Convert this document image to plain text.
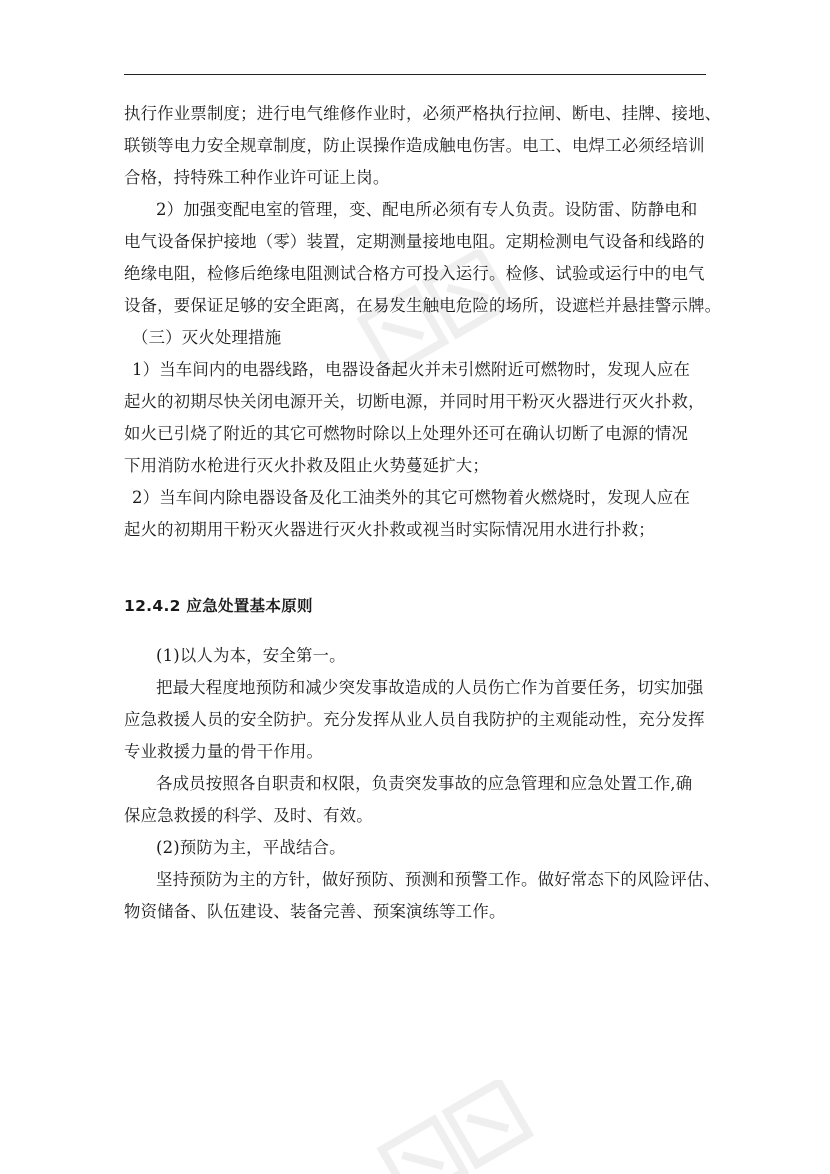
执行作业票制度；进行电气维修作业时，必须严格执行拉闸、断电、挂牌、接地、
联锁等电力安全规章制度，防止误操作造成触电伤害。电工、电焊工必须经培训
合格，持特殊工种作业许可证上岗。
2）加强变配电室的管理，变、配电所必须有专人负责。设防雷、防静电和
电气设备保护接地（零）装置，定期测量接地电阻。定期检测电气设备和线路的
绝缘电阻，检修后绝缘电阻测试合格方可投入运行。检修、试验或运行中的电气
设备，要保证足够的安全距离，在易发生触电危险的场所，设遮栏并悬挂警示牌。
（三）灭火处理措施
1）当车间内的电器线路，电器设备起火并未引燃附近可燃物时，发现人应在
起火的初期尽快关闭电源开关，切断电源，并同时用干粉灭火器进行灭火扑救，
如火已引烧了附近的其它可燃物时除以上处理外还可在确认切断了电源的情况
下用消防水枪进行灭火扑救及阻止火势蔓延扩大；
2）当车间内除电器设备及化工油类外的其它可燃物着火燃烧时，发现人应在
起火的初期用干粉灭火器进行灭火扑救或视当时实际情况用水进行扑救；
12.4.2 应急处置基本原则
(1)以人为本，安全第一。
把最大程度地预防和减少突发事故造成的人员伤亡作为首要任务，切实加强
应急救援人员的安全防护。充分发挥从业人员自我防护的主观能动性，充分发挥
专业救援力量的骨干作用。
各成员按照各自职责和权限，负责突发事故的应急管理和应急处置工作,确
保应急救援的科学、及时、有效。
(2)预防为主，平战结合。
坚持预防为主的方针，做好预防、预测和预警工作。做好常态下的风险评估、
物资储备、队伍建设、装备完善、预案演练等工作。
